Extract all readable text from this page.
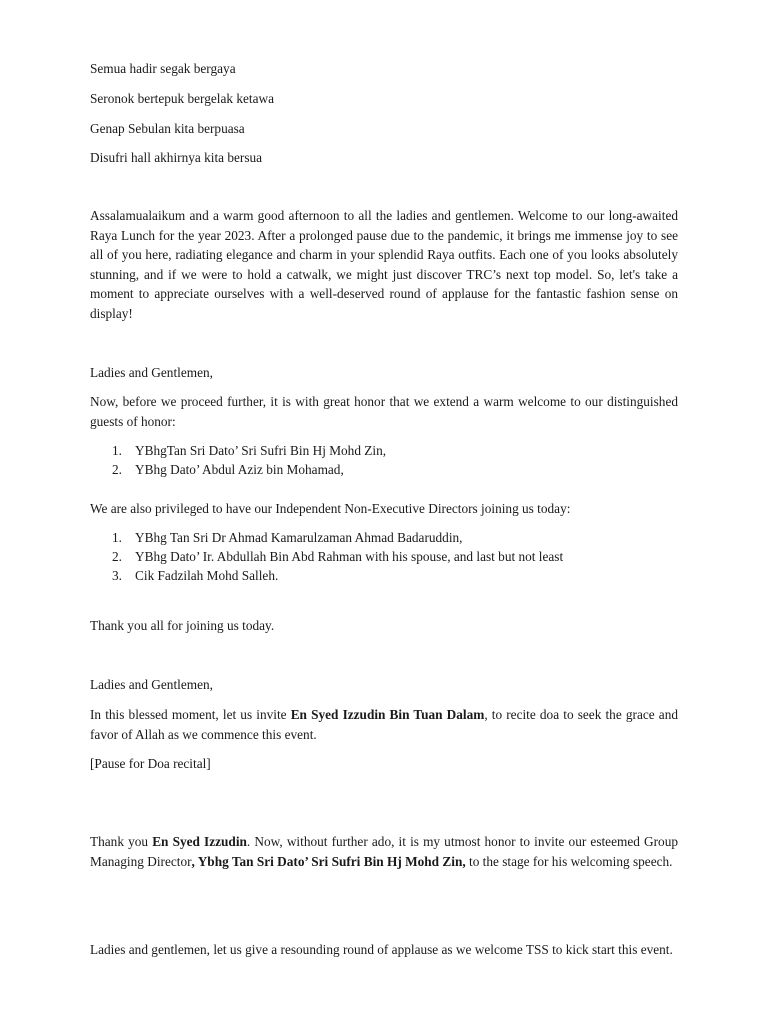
Semua hadir segak bergaya

Seronok bertepuk bergelak ketawa

Genap Sebulan kita berpuasa

Disufri hall akhirnya kita bersua

Assalamualaikum and a warm good afternoon to all the ladies and gentlemen. Welcome to our long-awaited Raya Lunch for the year 2023. After a prolonged pause due to the pandemic, it brings me immense joy to see all of you here, radiating elegance and charm in your splendid Raya outfits. Each one of you looks absolutely stunning, and if we were to hold a catwalk, we might just discover TRC’s next top model. So, let's take a moment to appreciate ourselves with a well-deserved round of applause for the fantastic fashion sense on display!

Ladies and Gentlemen,

Now, before we proceed further, it is with great honor that we extend a warm welcome to our distinguished guests of honor:

1. YBhgTan Sri Dato’ Sri Sufri Bin Hj Mohd Zin,
2. YBhg Dato’ Abdul Aziz bin Mohamad,

We are also privileged to have our Independent Non-Executive Directors joining us today:

1. YBhg Tan Sri Dr Ahmad Kamarulzaman Ahmad Badaruddin,
2. YBhg Dato’ Ir. Abdullah Bin Abd Rahman with his spouse, and last but not least
3. Cik Fadzilah Mohd Salleh.

Thank you all for joining us today.

Ladies and Gentlemen,

In this blessed moment, let us invite En Syed Izzudin Bin Tuan Dalam, to recite doa to seek the grace and favor of Allah as we commence this event.

[Pause for Doa recital]

Thank you En Syed Izzudin. Now, without further ado, it is my utmost honor to invite our esteemed Group Managing Director, Ybhg Tan Sri Dato’ Sri Sufri Bin Hj Mohd Zin, to the stage for his welcoming speech.

Ladies and gentlemen, let us give a resounding round of applause as we welcome TSS to kick start this event.
